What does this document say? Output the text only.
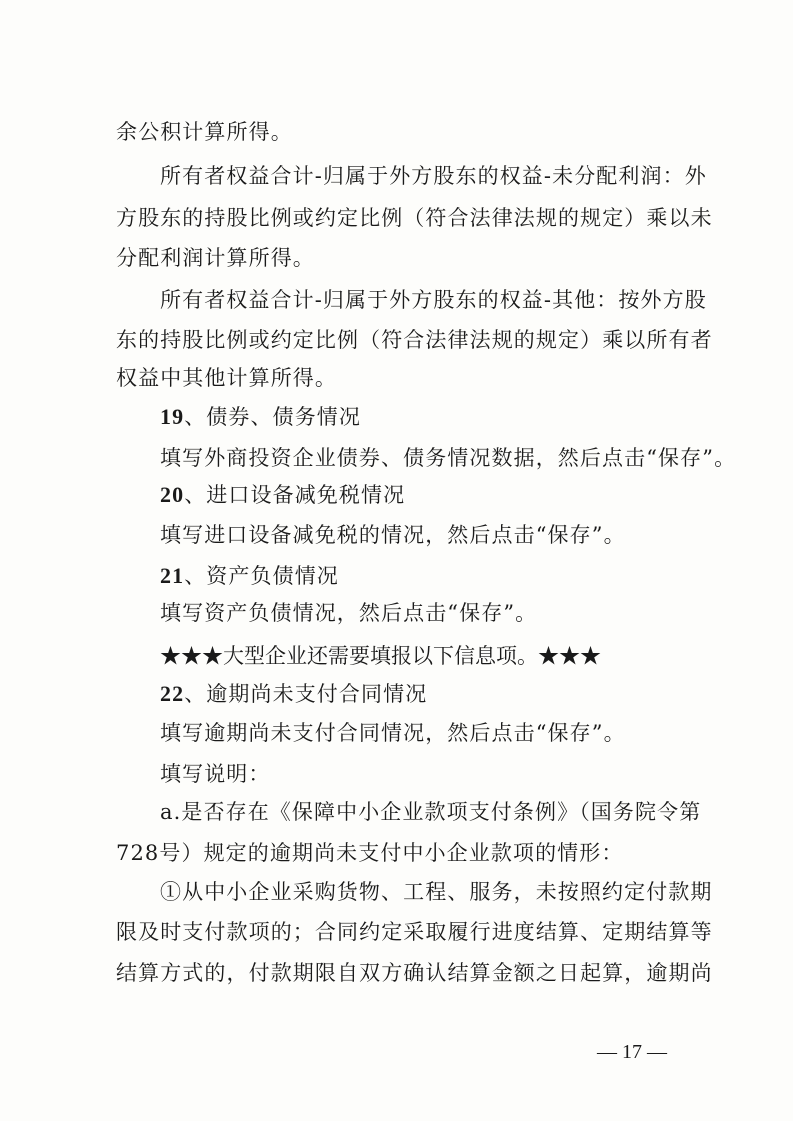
余公积计算所得。
所有者权益合计-归属于外方股东的权益-未分配利润：外
方股东的持股比例或约定比例（符合法律法规的规定）乘以未
分配利润计算所得。
所有者权益合计-归属于外方股东的权益-其他：按外方股
东的持股比例或约定比例（符合法律法规的规定）乘以所有者
权益中其他计算所得。
19、债券、债务情况
填写外商投资企业债券、债务情况数据，然后点击“保存”。
20、进口设备减免税情况
填写进口设备减免税的情况，然后点击“保存”。
21、资产负债情况
填写资产负债情况，然后点击“保存”。
★★★大型企业还需要填报以下信息项。★★★
22、逾期尚未支付合同情况
填写逾期尚未支付合同情况，然后点击“保存”。
填写说明：
a.是否存在《保障中小企业款项支付条例》（国务院令第
728号）规定的逾期尚未支付中小企业款项的情形：
①从中小企业采购货物、工程、服务，未按照约定付款期
限及时支付款项的；合同约定采取履行进度结算、定期结算等
结算方式的，付款期限自双方确认结算金额之日起算，逾期尚
— 17 —
